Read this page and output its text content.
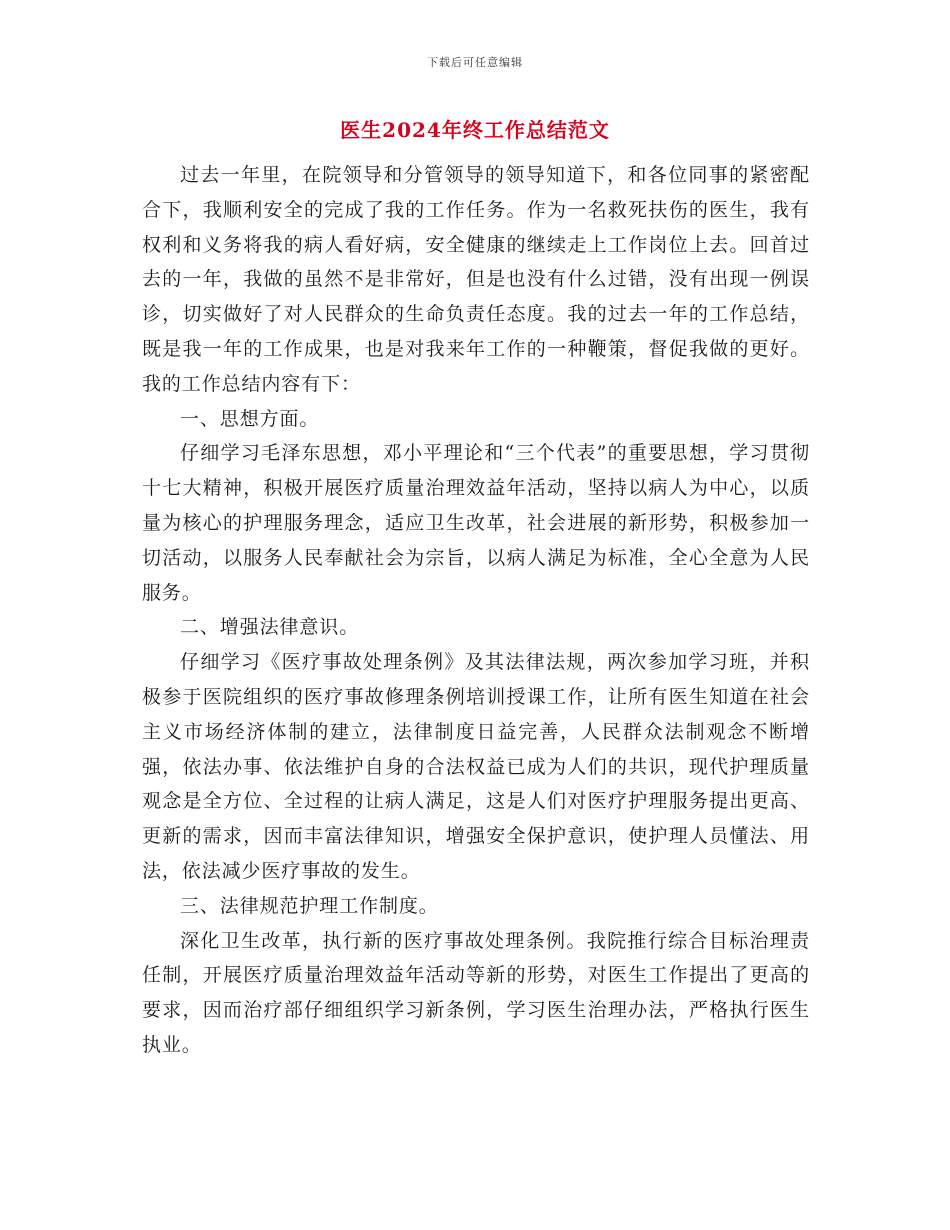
下载后可任意编辑
医生2024年终工作总结范文

过去一年里，在院领导和分管领导的领导知道下，和各位同事的紧密配合下，我顺利安全的完成了我的工作任务。作为一名救死扶伤的医生，我有权利和义务将我的病人看好病，安全健康的继续走上工作岗位上去。回首过去的一年，我做的虽然不是非常好，但是也没有什么过错，没有出现一例误诊，切实做好了对人民群众的生命负责任态度。我的过去一年的工作总结，既是我一年的工作成果，也是对我来年工作的一种鞭策，督促我做的更好。我的工作总结内容有下：

一、思想方面。

仔细学习毛泽东思想，邓小平理论和“三个代表”的重要思想，学习贯彻十七大精神，积极开展医疗质量治理效益年活动，坚持以病人为中心，以质量为核心的护理服务理念，适应卫生改革，社会进展的新形势，积极参加一切活动，以服务人民奉献社会为宗旨，以病人满足为标准，全心全意为人民服务。

二、增强法律意识。

仔细学习《医疗事故处理条例》及其法律法规，两次参加学习班，并积极参于医院组织的医疗事故修理条例培训授课工作，让所有医生知道在社会主义市场经济体制的建立，法律制度日益完善，人民群众法制观念不断增强，依法办事、依法维护自身的合法权益已成为人们的共识，现代护理质量观念是全方位、全过程的让病人满足，这是人们对医疗护理服务提出更高、更新的需求，因而丰富法律知识，增强安全保护意识，使护理人员懂法、用法，依法减少医疗事故的发生。

三、法律规范护理工作制度。

深化卫生改革，执行新的医疗事故处理条例。我院推行综合目标治理责任制，开展医疗质量治理效益年活动等新的形势，对医生工作提出了更高的要求，因而治疗部仔细组织学习新条例，学习医生治理办法，严格执行医生执业。
